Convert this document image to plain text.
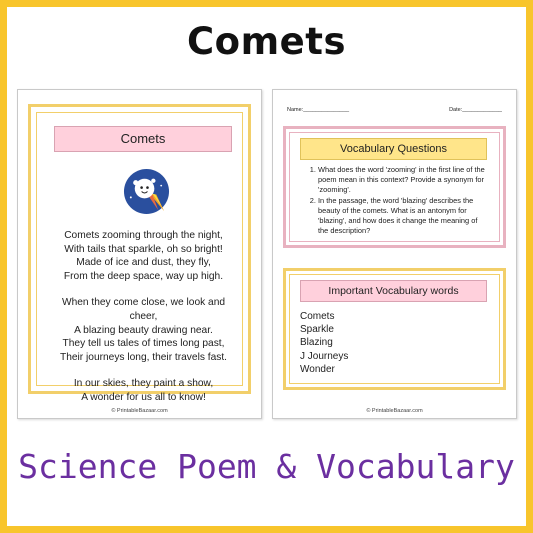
Comets
Comets
Comets zooming through the night,
With tails that sparkle, oh so bright!
Made of ice and dust, they fly,
From the deep space, way up high.
When they come close, we look and
cheer,
A blazing beauty drawing near.
They tell us tales of times long past,
Their journeys long, their travels fast.
In our skies, they paint a show,
A wonder for us all to know!
© PrintableBazaar.com
Name:_______________	Date:_____________
Vocabulary Questions
1. What does the word 'zooming' in the first line of the poem mean in this context? Provide a synonym for 'zooming'.
2. In the passage, the word 'blazing' describes the beauty of the comets. What is an antonym for 'blazing', and how does it change the meaning of the description?
Important Vocabulary words
Comets
Sparkle
Blazing
J Journeys
Wonder
© PrintableBazaar.com
Science Poem & Vocabulary
